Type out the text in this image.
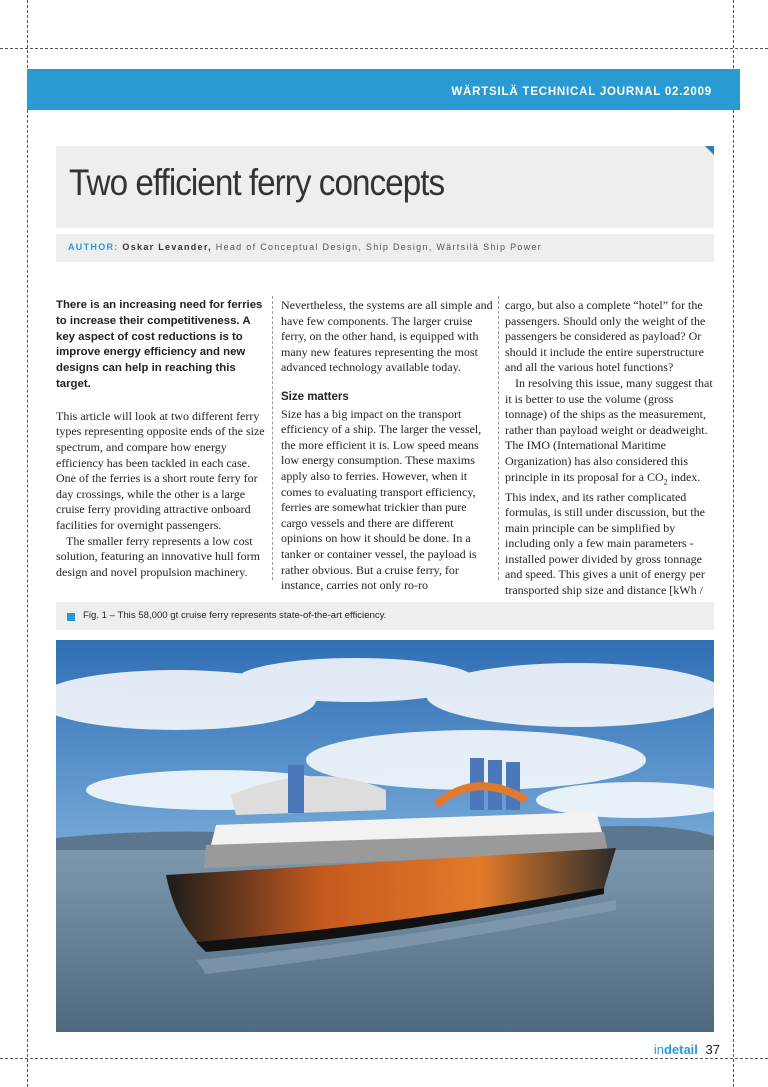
WÄRTSILÄ TECHNICAL JOURNAL 02.2009
Two efficient ferry concepts
AUTHOR: Oskar Levander, Head of Conceptual Design, Ship Design, Wärtsilä Ship Power

There is an increasing need for ferries to increase their competitiveness. A key aspect of cost reductions is to improve energy efficiency and new designs can help in reaching this target.

This article will look at two different ferry types representing opposite ends of the size spectrum, and compare how energy efficiency has been tackled in each case. One of the ferries is a short route ferry for day crossings, while the other is a large cruise ferry providing attractive onboard facilities for overnight passengers.

The smaller ferry represents a low cost solution, featuring an innovative hull form design and novel propulsion machinery.

Nevertheless, the systems are all simple and have few components. The larger cruise ferry, on the other hand, is equipped with many new features representing the most advanced technology available today.

Size matters

Size has a big impact on the transport efficiency of a ship. The larger the vessel, the more efficient it is. Low speed means low energy consumption. These maxims apply also to ferries. However, when it comes to evaluating transport efficiency, ferries are somewhat trickier than pure cargo vessels and there are different opinions on how it should be done. In a tanker or container vessel, the payload is rather obvious. But a cruise ferry, for instance, carries not only ro-ro

cargo, but also a complete “hotel” for the passengers. Should only the weight of the passengers be considered as payload? Or should it include the entire superstructure and all the various hotel functions?

In resolving this issue, many suggest that it is better to use the volume (gross tonnage) of the ships as the measurement, rather than payload weight or deadweight. The IMO (International Maritime Organization) has also considered this principle in its proposal for a $CO_2$ index. This index, and its rather complicated formulas, is still under discussion, but the main principle can be simplified by including only a few main parameters - installed power divided by gross tonnage and speed. This gives a unit of energy per transported ship size and distance [kWh /

Fig. 1 – This 58,000 gt cruise ferry represents state-of-the-art efficiency.
indetail 37
